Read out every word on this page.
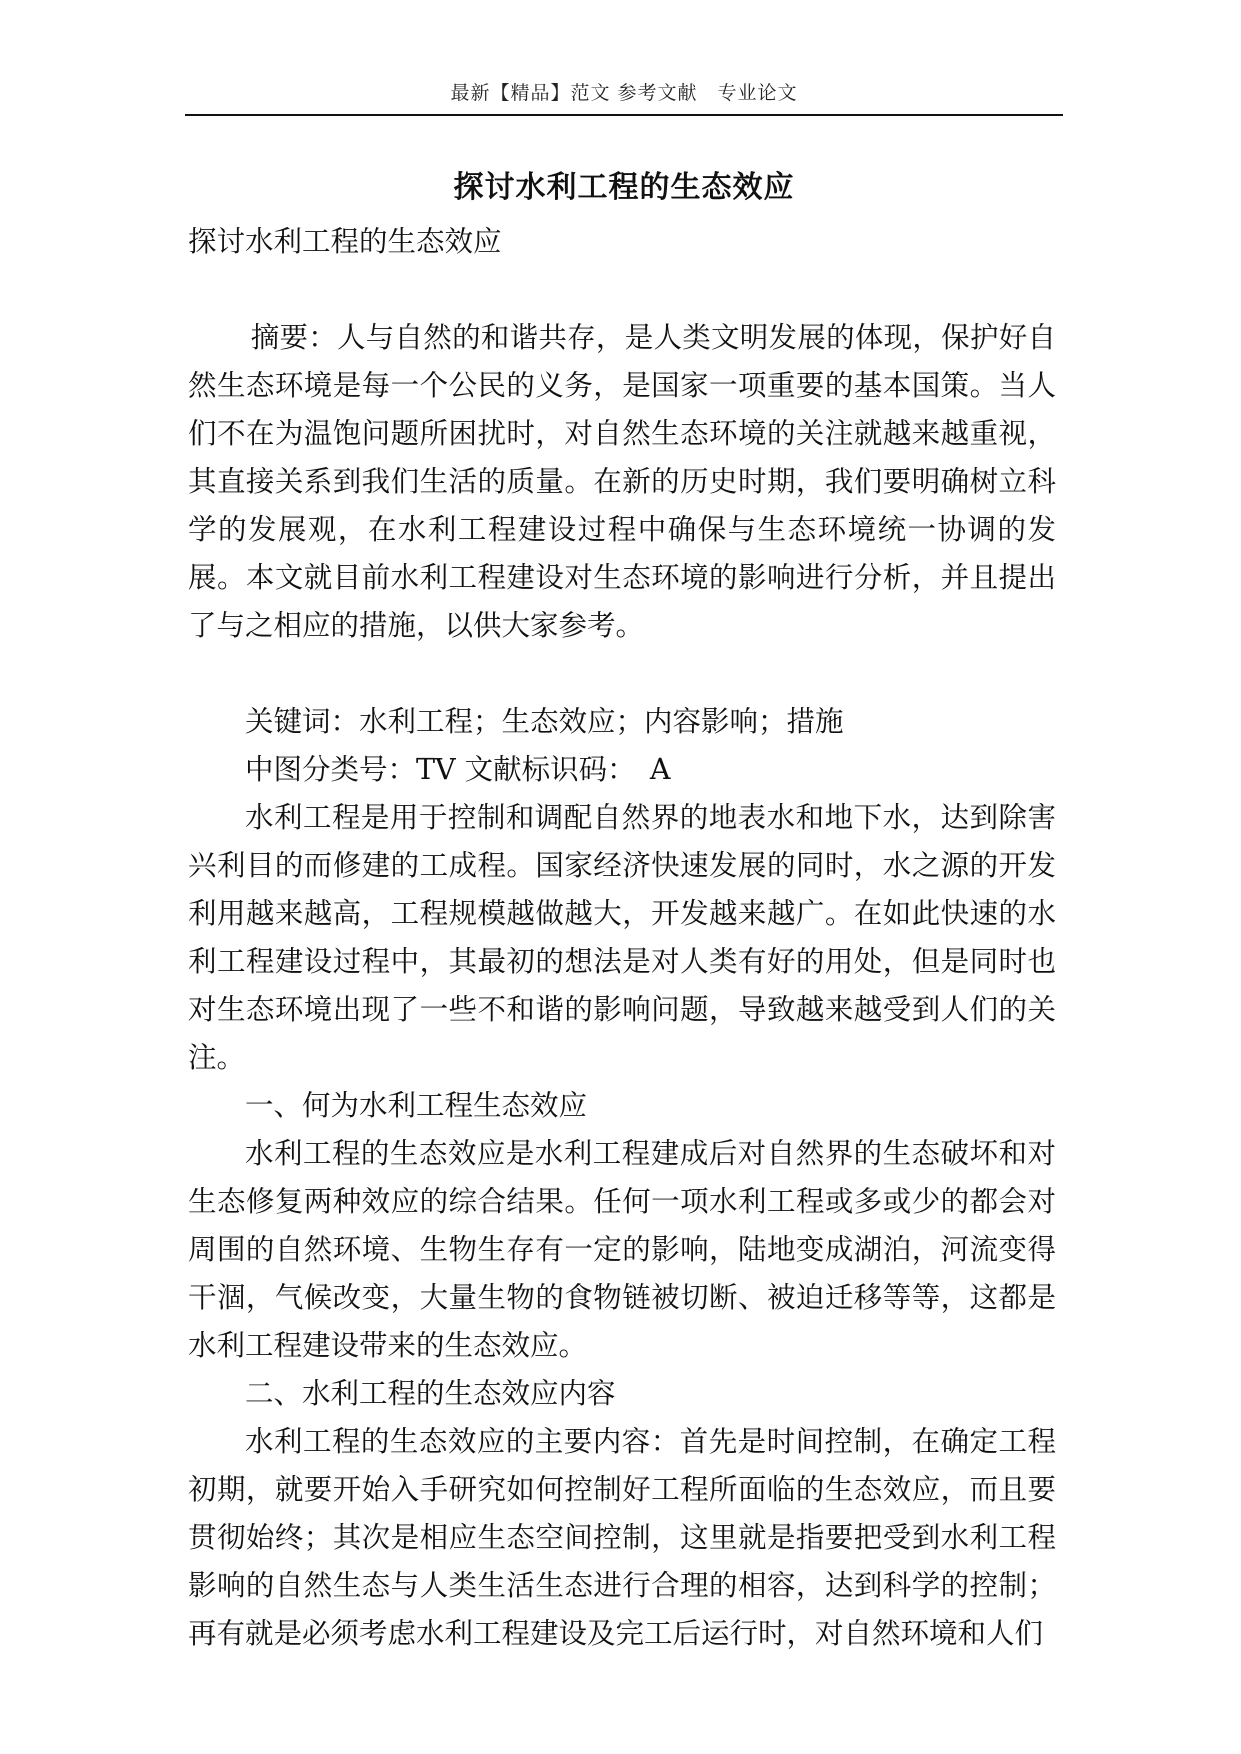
最新【精品】范文 参考文献　专业论文
探讨水利工程的生态效应

探讨水利工程的生态效应

摘要：人与自然的和谐共存，是人类文明发展的体现，保护好自然生态环境是每一个公民的义务，是国家一项重要的基本国策。当人们不在为温饱问题所困扰时，对自然生态环境的关注就越来越重视，其直接关系到我们生活的质量。在新的历史时期，我们要明确树立科学的发展观，在水利工程建设过程中确保与生态环境统一协调的发展。本文就目前水利工程建设对生态环境的影响进行分析，并且提出了与之相应的措施，以供大家参考。

关键词：水利工程；生态效应；内容影响；措施

中图分类号：TV 文献标识码：　A

水利工程是用于控制和调配自然界的地表水和地下水，达到除害兴利目的而修建的工成程。国家经济快速发展的同时，水之源的开发利用越来越高，工程规模越做越大，开发越来越广。在如此快速的水利工程建设过程中，其最初的想法是对人类有好的用处，但是同时也对生态环境出现了一些不和谐的影响问题，导致越来越受到人们的关注。

一、何为水利工程生态效应

水利工程的生态效应是水利工程建成后对自然界的生态破坏和对生态修复两种效应的综合结果。任何一项水利工程或多或少的都会对周围的自然环境、生物生存有一定的影响，陆地变成湖泊，河流变得干涸，气候改变，大量生物的食物链被切断、被迫迁移等等，这都是水利工程建设带来的生态效应。

二、水利工程的生态效应内容

水利工程的生态效应的主要内容：首先是时间控制，在确定工程初期，就要开始入手研究如何控制好工程所面临的生态效应，而且要贯彻始终；其次是相应生态空间控制，这里就是指要把受到水利工程影响的自然生态与人类生活生态进行合理的相容，达到科学的控制；再有就是必须考虑水利工程建设及完工后运行时，对自然环境和人们
